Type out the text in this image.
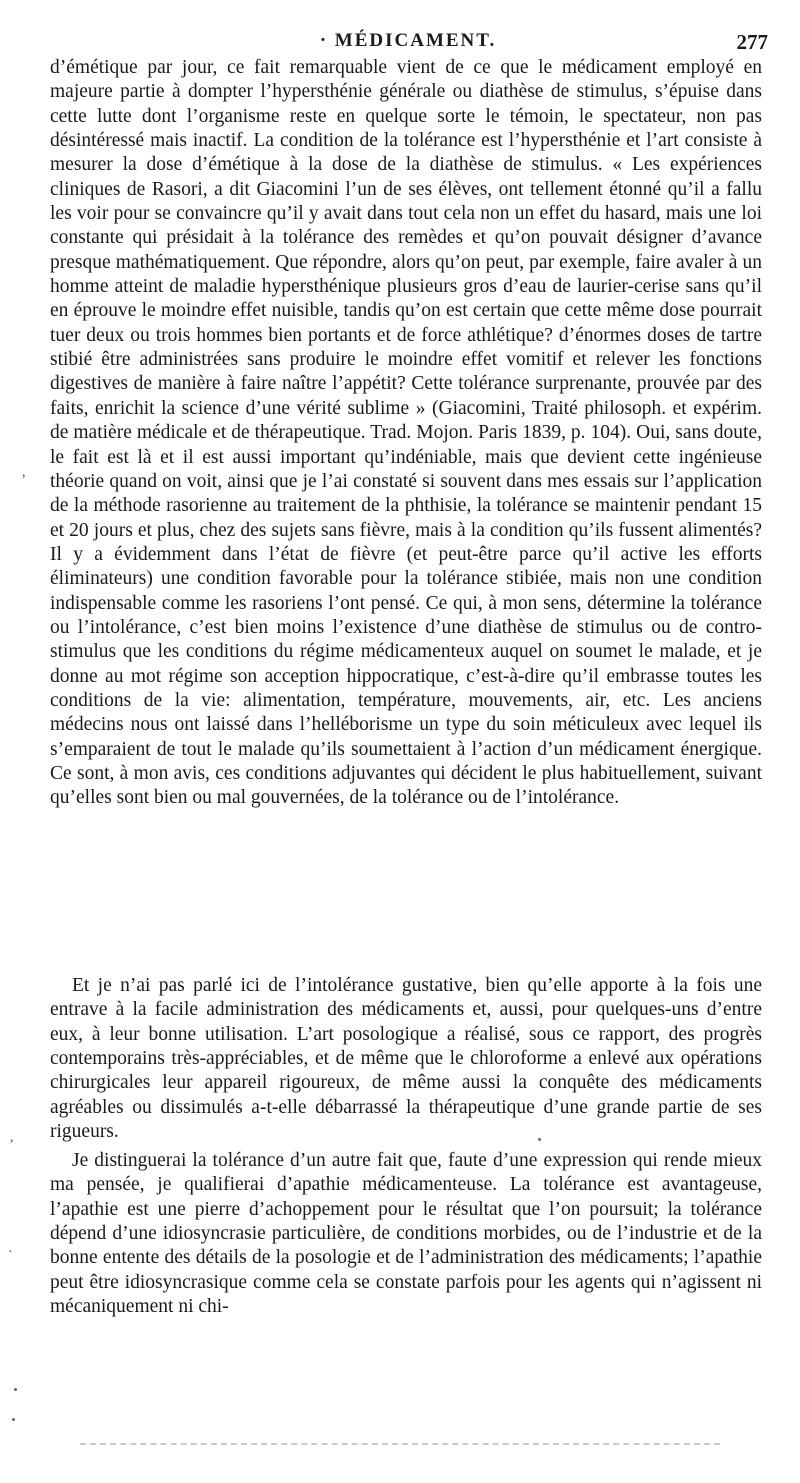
· MÉDICAMENT.	277

d’émétique par jour, ce fait remarquable vient de ce que le médicament employé en majeure partie à dompter l’hypersthénie générale ou diathèse de stimulus, s’épuise dans cette lutte dont l’organisme reste en quelque sorte le témoin, le spectateur, non pas désintéressé mais inactif. La condition de la tolérance est l’hypersthénie et l’art consiste à mesurer la dose d’émétique à la dose de la diathèse de stimulus. « Les expériences cliniques de Rasori, a dit Giacomini l’un de ses élèves, ont tellement étonné qu’il a fallu les voir pour se convaincre qu’il y avait dans tout cela non un effet du hasard, mais une loi constante qui présidait à la tolérance des remèdes et qu’on pouvait désigner d’avance presque mathématiquement. Que répondre, alors qu’on peut, par exemple, faire avaler à un homme atteint de maladie hypersthénique plusieurs gros d’eau de laurier-cerise sans qu’il en éprouve le moindre effet nuisible, tandis qu’on est certain que cette même dose pourrait tuer deux ou trois hommes bien portants et de force athlétique? d’énormes doses de tartre stibié être administrées sans produire le moindre effet vomitif et relever les fonctions digestives de manière à faire naître l’appétit? Cette tolérance surprenante, prouvée par des faits, enrichit la science d’une vérité sublime » (Giacomini, Traité philosoph. et expérim. de matière médicale et de thérapeutique. Trad. Mojon. Paris 1839, p. 104). Oui, sans doute, le fait est là et il est aussi important qu’indéniable, mais que devient cette ingénieuse théorie quand on voit, ainsi que je l’ai constaté si souvent dans mes essais sur l’application de la méthode rasorienne au traitement de la phthisie, la tolérance se maintenir pendant 15 et 20 jours et plus, chez des sujets sans fièvre, mais à la condition qu’ils fussent alimentés? Il y a évidemment dans l’état de fièvre (et peut-être parce qu’il active les efforts éliminateurs) une condition favorable pour la tolérance stibiée, mais non une condition indispensable comme les rasoriens l’ont pensé. Ce qui, à mon sens, détermine la tolérance ou l’intolérance, c’est bien moins l’existence d’une diathèse de stimulus ou de contro-stimulus que les conditions du régime médicamenteux auquel on soumet le malade, et je donne au mot régime son acception hippocratique, c’est-à-dire qu’il embrasse toutes les conditions de la vie: alimentation, température, mouvements, air, etc. Les anciens médecins nous ont laissé dans l’helléborisme un type du soin méticuleux avec lequel ils s’emparaient de tout le malade qu’ils soumettaient à l’action d’un médicament énergique. Ce sont, à mon avis, ces conditions adjuvantes qui décident le plus habituellement, suivant qu’elles sont bien ou mal gouvernées, de la tolérance ou de l’intolérance.

Et je n’ai pas parlé ici de l’intolérance gustative, bien qu’elle apporte à la fois une entrave à la facile administration des médicaments et, aussi, pour quelques-uns d’entre eux, à leur bonne utilisation. L’art posologique a réalisé, sous ce rapport, des progrès contemporains très-appréciables, et de même que le chloroforme a enlevé aux opérations chirurgicales leur appareil rigoureux, de même aussi la conquête des médicaments agréables ou dissimulés a-t-elle débarrassé la thérapeutique d’une grande partie de ses rigueurs.

Je distinguerai la tolérance d’un autre fait que, faute d’une expression qui rende mieux ma pensée, je qualifierai d’apathie médicamenteuse. La tolérance est avantageuse, l’apathie est une pierre d’achoppement pour le résultat que l’on poursuit; la tolérance dépend d’une idiosyncrasie particulière, de conditions morbides, ou de l’industrie et de la bonne entente des détails de la posologie et de l’administration des médicaments; l’apathie peut être idiosyncrasique comme cela se constate parfois pour les agents qui n’agissent ni mécaniquement ni chi-

,
·
,
